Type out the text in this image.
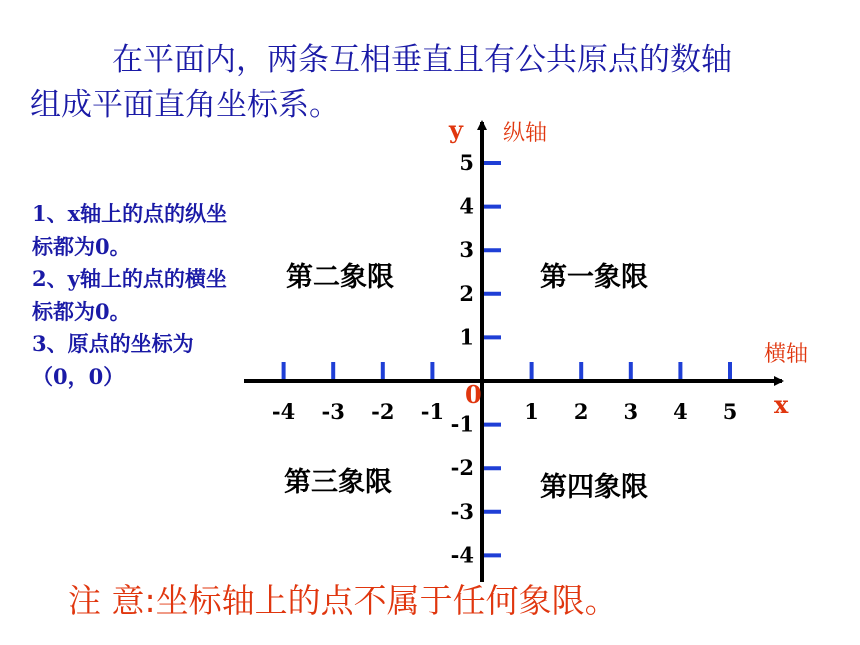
在平面内，两条互相垂直且有公共原点的数轴
组成平面直角坐标系。
1、x轴上的点的纵坐标都为0。
2、y轴上的点的横坐标都为0。
3、原点的坐标为（0，0）
-4 -3 -2 -1	1 2 3 4 5
5
4
3
2
1
-1
-2
-3
-4
y 纵轴
横轴
x
0
第一象限
第二象限
第三象限	第四象限
注 意:坐标轴上的点不属于任何象限。
